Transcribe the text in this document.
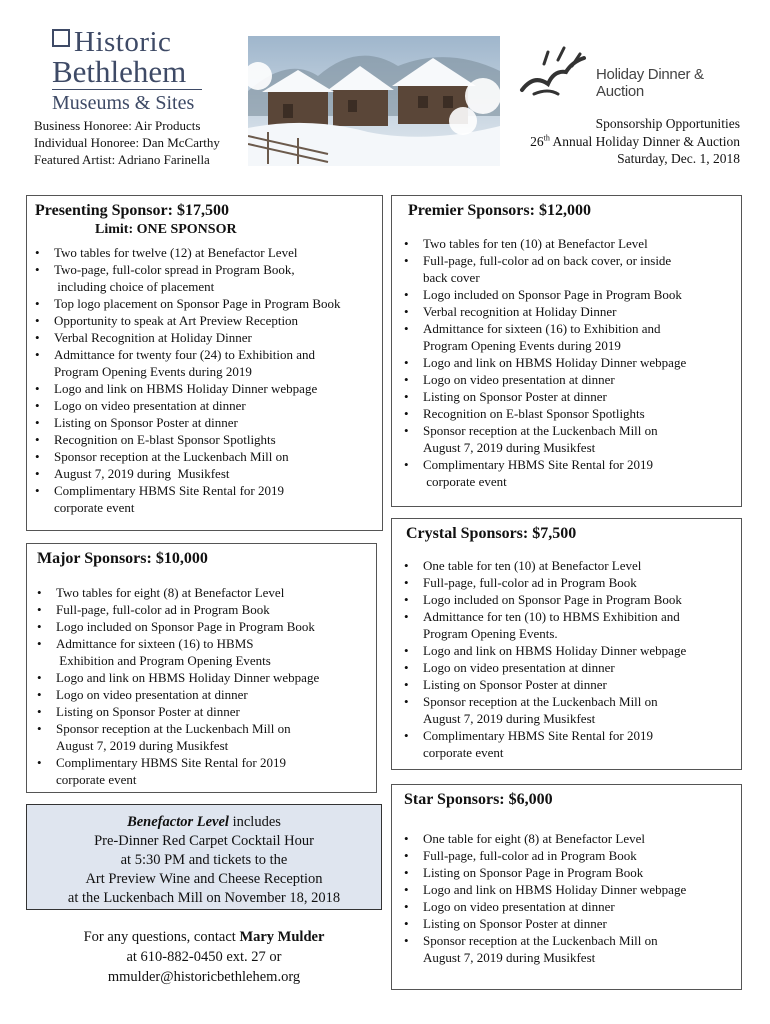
Historic
Bethlehem
Museums & Sites
Holiday Dinner & Auction
Business Honoree: Air Products
Individual Honoree: Dan McCarthy
Featured Artist: Adriano Farinella
Sponsorship Opportunities
26th Annual Holiday Dinner & Auction
Saturday, Dec. 1, 2018
Presenting Sponsor: $17,500
Limit: ONE SPONSOR
• Two tables for twelve (12) at Benefactor Level
• Two-page, full-color spread in Program Book,
including choice of placement
• Top logo placement on Sponsor Page in Program Book
• Opportunity to speak at Art Preview Reception
• Verbal Recognition at Holiday Dinner
• Admittance for twenty four (24) to Exhibition and
Program Opening Events during 2019
• Logo and link on HBMS Holiday Dinner webpage
• Logo on video presentation at dinner
• Listing on Sponsor Poster at dinner
• Recognition on E-blast Sponsor Spotlights
• Sponsor reception at the Luckenbach Mill on
• August 7, 2019 during  Musikfest
• Complimentary HBMS Site Rental for 2019
corporate event
Premier Sponsors: $12,000
• Two tables for ten (10) at Benefactor Level
• Full-page, full-color ad on back cover, or inside
back cover
• Logo included on Sponsor Page in Program Book
• Verbal recognition at Holiday Dinner
• Admittance for sixteen (16) to Exhibition and
Program Opening Events during 2019
• Logo and link on HBMS Holiday Dinner webpage
• Logo on video presentation at dinner
• Listing on Sponsor Poster at dinner
• Recognition on E-blast Sponsor Spotlights
• Sponsor reception at the Luckenbach Mill on
August 7, 2019 during Musikfest
• Complimentary HBMS Site Rental for 2019
corporate event
Major Sponsors: $10,000
• Two tables for eight (8) at Benefactor Level
• Full-page, full-color ad in Program Book
• Logo included on Sponsor Page in Program Book
• Admittance for sixteen (16) to HBMS
Exhibition and Program Opening Events
• Logo and link on HBMS Holiday Dinner webpage
• Logo on video presentation at dinner
• Listing on Sponsor Poster at dinner
• Sponsor reception at the Luckenbach Mill on
August 7, 2019 during Musikfest
• Complimentary HBMS Site Rental for 2019
corporate event
Crystal Sponsors: $7,500
• One table for ten (10) at Benefactor Level
• Full-page, full-color ad in Program Book
• Logo included on Sponsor Page in Program Book
• Admittance for ten (10) to HBMS Exhibition and
Program Opening Events.
• Logo and link on HBMS Holiday Dinner webpage
• Logo on video presentation at dinner
• Listing on Sponsor Poster at dinner
• Sponsor reception at the Luckenbach Mill on
August 7, 2019 during Musikfest
• Complimentary HBMS Site Rental for 2019
corporate event
Star Sponsors: $6,000
• One table for eight (8) at Benefactor Level
• Full-page, full-color ad in Program Book
• Listing on Sponsor Page in Program Book
• Logo and link on HBMS Holiday Dinner webpage
• Logo on video presentation at dinner
• Listing on Sponsor Poster at dinner
• Sponsor reception at the Luckenbach Mill on
August 7, 2019 during Musikfest
Benefactor Level includes
Pre-Dinner Red Carpet Cocktail Hour
at 5:30 PM and tickets to the
Art Preview Wine and Cheese Reception
at the Luckenbach Mill on November 18, 2018
For any questions, contact Mary Mulder
at 610-882-0450 ext. 27 or
mmulder@historicbethlehem.org
